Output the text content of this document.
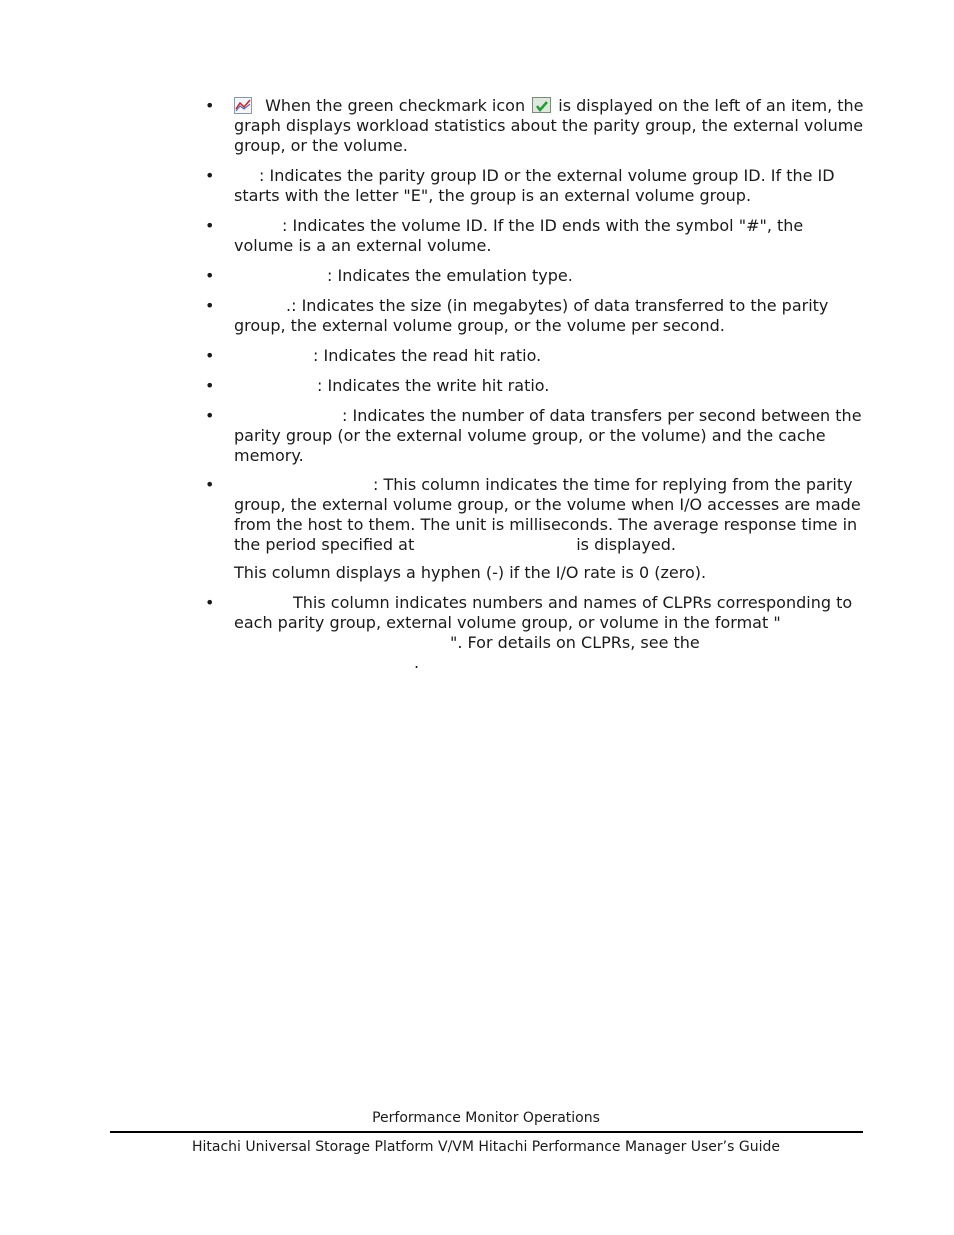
•	When the green checkmark icon  is displayed on the left of an item, the graph displays workload statistics about the parity group, the external volume group, or the volume.
•	: Indicates the parity group ID or the external volume group ID. If the ID starts with the letter "E", the group is an external volume group.
•	: Indicates the volume ID. If the ID ends with the symbol "#", the volume is a an external volume.
•	: Indicates the emulation type.
•	.: Indicates the size (in megabytes) of data transferred to the parity group, the external volume group, or the volume per second.
•	: Indicates the read hit ratio.
•	: Indicates the write hit ratio.
•	: Indicates the number of data transfers per second between the parity group (or the external volume group, or the volume) and the cache memory.
•	: This column indicates the time for replying from the parity group, the external volume group, or the volume when I/O accesses are made from the host to them. The unit is milliseconds. The average response time in the period specified at	is displayed.
This column displays a hyphen (-) if the I/O rate is 0 (zero).
•	This column indicates numbers and names of CLPRs corresponding to each parity group, external volume group, or volume in the format "". For details on CLPRs, see the
.
Performance Monitor Operations
Hitachi Universal Storage Platform V/VM Hitachi Performance Manager User’s Guide
